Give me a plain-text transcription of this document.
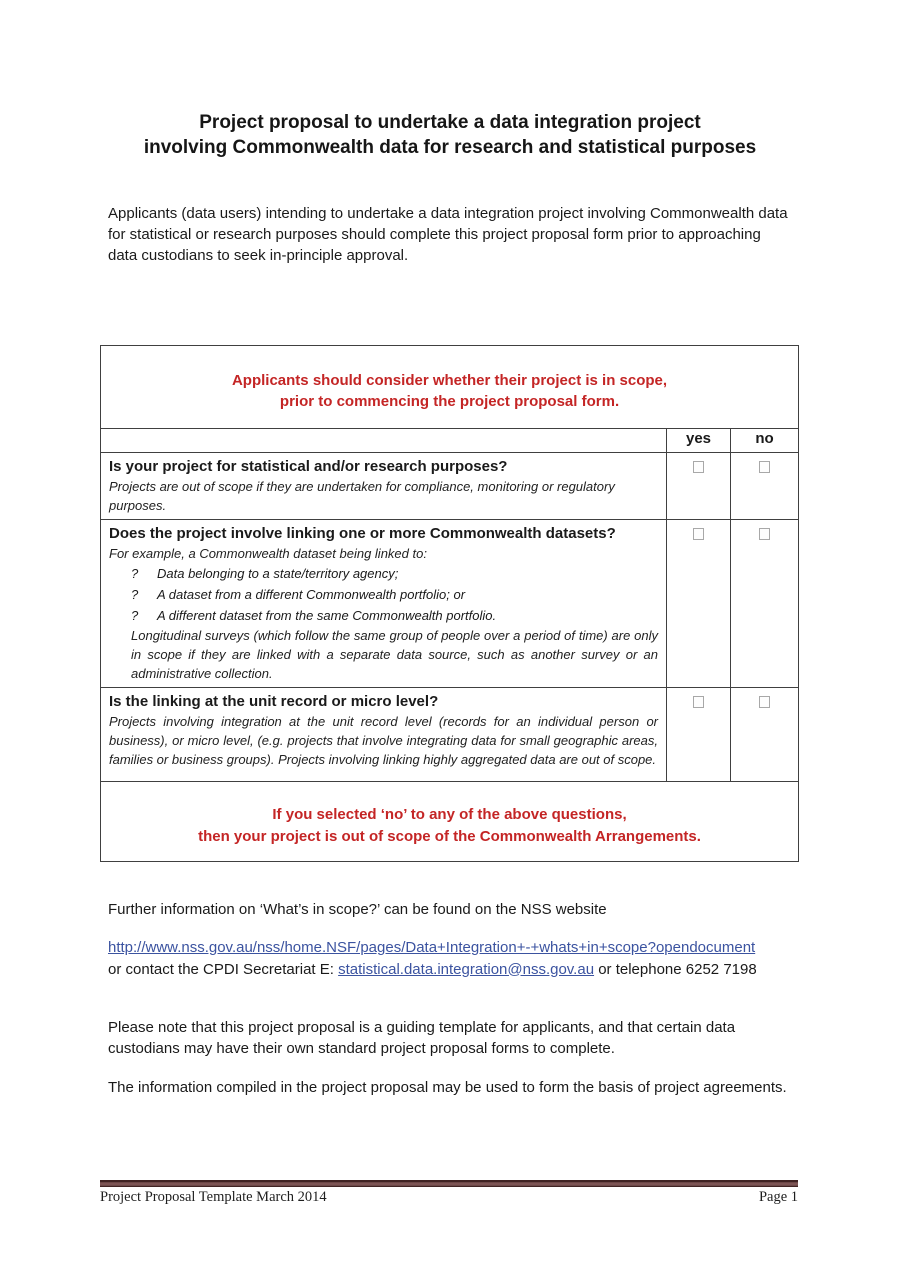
Project proposal to undertake a data integration project
involving Commonwealth data for research and statistical purposes
Applicants (data users) intending to undertake a data integration project involving Commonwealth data for statistical or research purposes should complete this project proposal form prior to approaching data custodians to seek in-principle approval.
Applicants should consider whether their project is in scope,
prior to commencing the project proposal form.		

	yes	no

Is your project for statistical and/or research purposes?
Projects are out of scope if they are undertaken for compliance, monitoring or regulatory purposes.		

Does the project involve linking one or more Commonwealth datasets?
For example, a Commonwealth dataset being linked to:
?	Data belonging to a state/territory agency;
?	A dataset from a different Commonwealth portfolio; or
?	A different dataset from the same Commonwealth portfolio.
Longitudinal surveys (which follow the same group of people over a period of time) are only in scope if they are linked with a separate data source, such as another survey or an administrative collection.

Is the linking at the unit record or micro level?
Projects involving integration at the unit record level (records for an individual person or business), or micro level, (e.g. projects that involve integrating data for small geographic areas, families or business groups). Projects involving linking highly aggregated data are out of scope.		

If you selected ‘no’ to any of the above questions,
then your project is out of scope of the Commonwealth Arrangements.		
Further information on ‘What’s in scope?’ can be found on the NSS website
http://www.nss.gov.au/nss/home.NSF/pages/Data+Integration+-+whats+in+scope?opendocument
or contact the CPDI Secretariat E: statistical.data.integration@nss.gov.au or telephone 6252 7198
Please note that this project proposal is a guiding template for applicants, and that certain data custodians may have their own standard project proposal forms to complete.
The information compiled in the project proposal may be used to form the basis of project agreements.
Project Proposal Template March 2014	Page 1
